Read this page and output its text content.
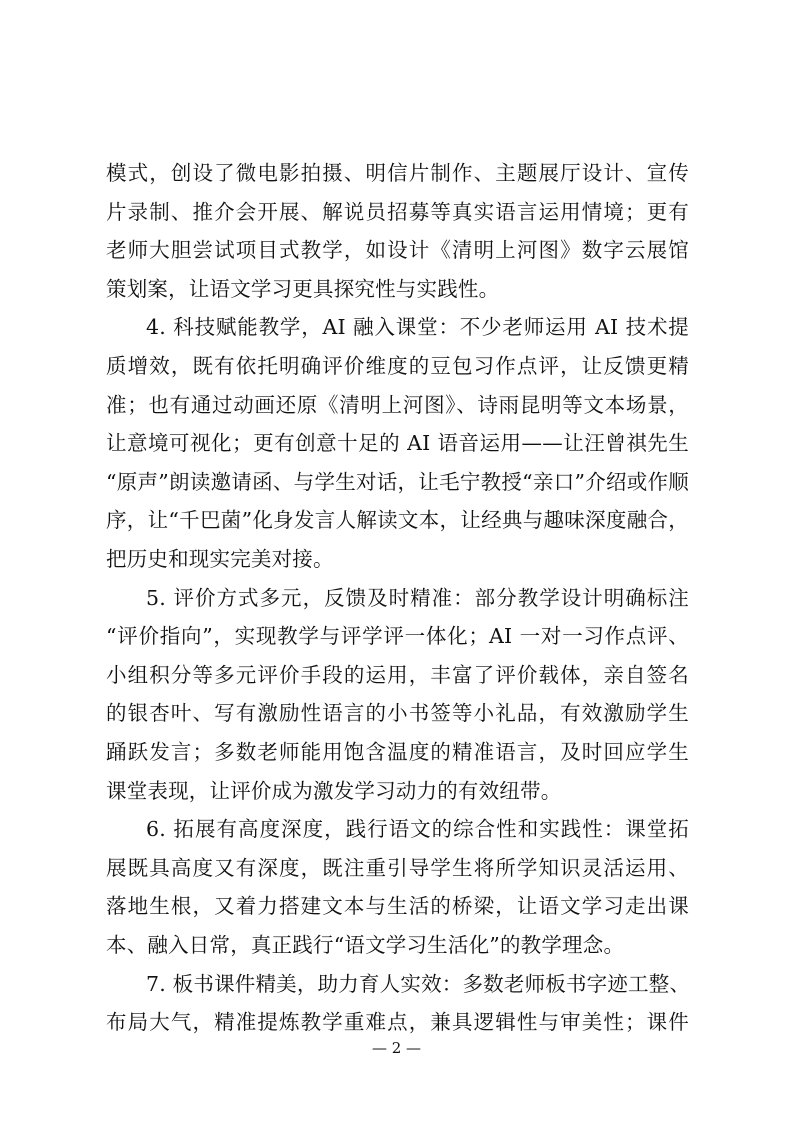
模式，创设了微电影拍摄、明信片制作、主题展厅设计、宣传
片录制、推介会开展、解说员招募等真实语言运用情境；更有
老师大胆尝试项目式教学，如设计《清明上河图》数字云展馆
策划案，让语文学习更具探究性与实践性。
4. 科技赋能教学，AI 融入课堂：不少老师运用 AI 技术提
质增效，既有依托明确评价维度的豆包习作点评，让反馈更精
准；也有通过动画还原《清明上河图》、诗雨昆明等文本场景，
让意境可视化；更有创意十足的 AI 语音运用——让汪曾祺先生
“原声”朗读邀请函、与学生对话，让毛宁教授“亲口”介绍或作顺
序，让“千巴菌”化身发言人解读文本，让经典与趣味深度融合，
把历史和现实完美对接。
5. 评价方式多元，反馈及时精准：部分教学设计明确标注
“评价指向”，实现教学与评学评一体化；AI 一对一习作点评、
小组积分等多元评价手段的运用，丰富了评价载体，亲自签名
的银杏叶、写有激励性语言的小书签等小礼品，有效激励学生
踊跃发言；多数老师能用饱含温度的精准语言，及时回应学生
课堂表现，让评价成为激发学习动力的有效纽带。
6. 拓展有高度深度，践行语文的综合性和实践性：课堂拓
展既具高度又有深度，既注重引导学生将所学知识灵活运用、
落地生根，又着力搭建文本与生活的桥梁，让语文学习走出课
本、融入日常，真正践行“语文学习生活化”的教学理念。
7. 板书课件精美，助力育人实效：多数老师板书字迹工整、
布局大气，精准提炼教学重难点，兼具逻辑性与审美性；课件
— 2 —
